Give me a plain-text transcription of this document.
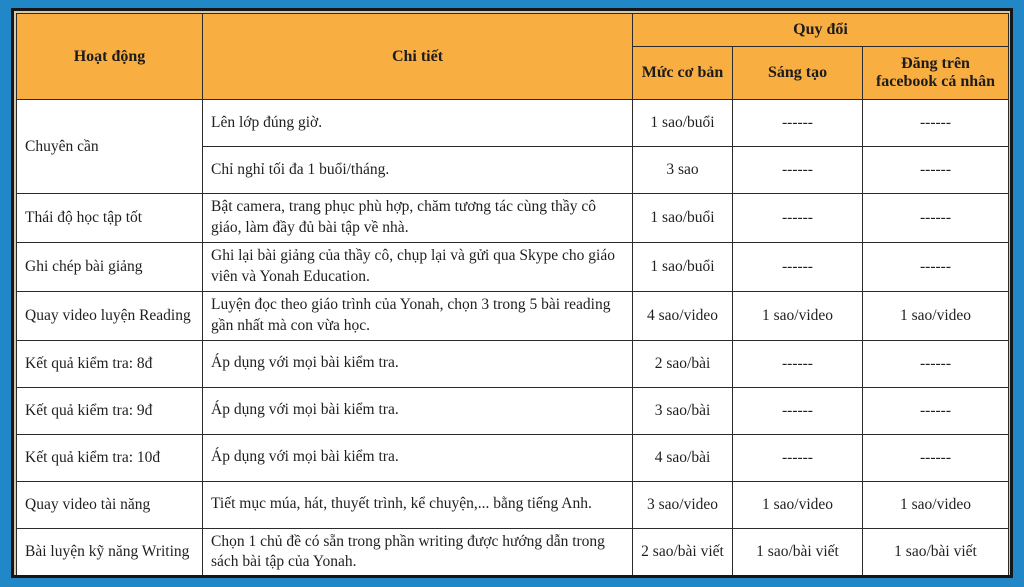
Hoạt động	Chi tiết	Quy đổi		
		Mức cơ bản	Sáng tạo	Đăng trên facebook cá nhân
Chuyên cần	Lên lớp đúng giờ.	1 sao/buổi	------	------
	Chỉ nghỉ tối đa 1 buổi/tháng.	3 sao	------	------
Thái độ học tập tốt	Bật camera, trang phục phù hợp, chăm tương tác cùng thầy cô giáo, làm đầy đủ bài tập về nhà.	1 sao/buổi	------	------
Ghi chép bài giảng	Ghi lại bài giảng của thầy cô, chụp lại và gửi qua Skype cho giáo viên và Yonah Education.	1 sao/buổi	------	------
Quay video luyện Reading	Luyện đọc theo giáo trình của Yonah, chọn 3 trong 5 bài reading gần nhất mà con vừa học.	4 sao/video	1 sao/video	1 sao/video
Kết quả kiểm tra: 8đ	Áp dụng với mọi bài kiểm tra.	2 sao/bài	------	------
Kết quả kiểm tra: 9đ	Áp dụng với mọi bài kiểm tra.	3 sao/bài	------	------
Kết quả kiểm tra: 10đ	Áp dụng với mọi bài kiểm tra.	4 sao/bài	------	------
Quay video tài năng	Tiết mục múa, hát, thuyết trình, kể chuyện,... bằng tiếng Anh.	3 sao/video	1 sao/video	1 sao/video
Bài luyện kỹ năng Writing	Chọn 1 chủ đề có sẵn trong phần writing được hướng dẫn trong sách bài tập của Yonah.	2 sao/bài viết	1 sao/bài viết	1 sao/bài viết
